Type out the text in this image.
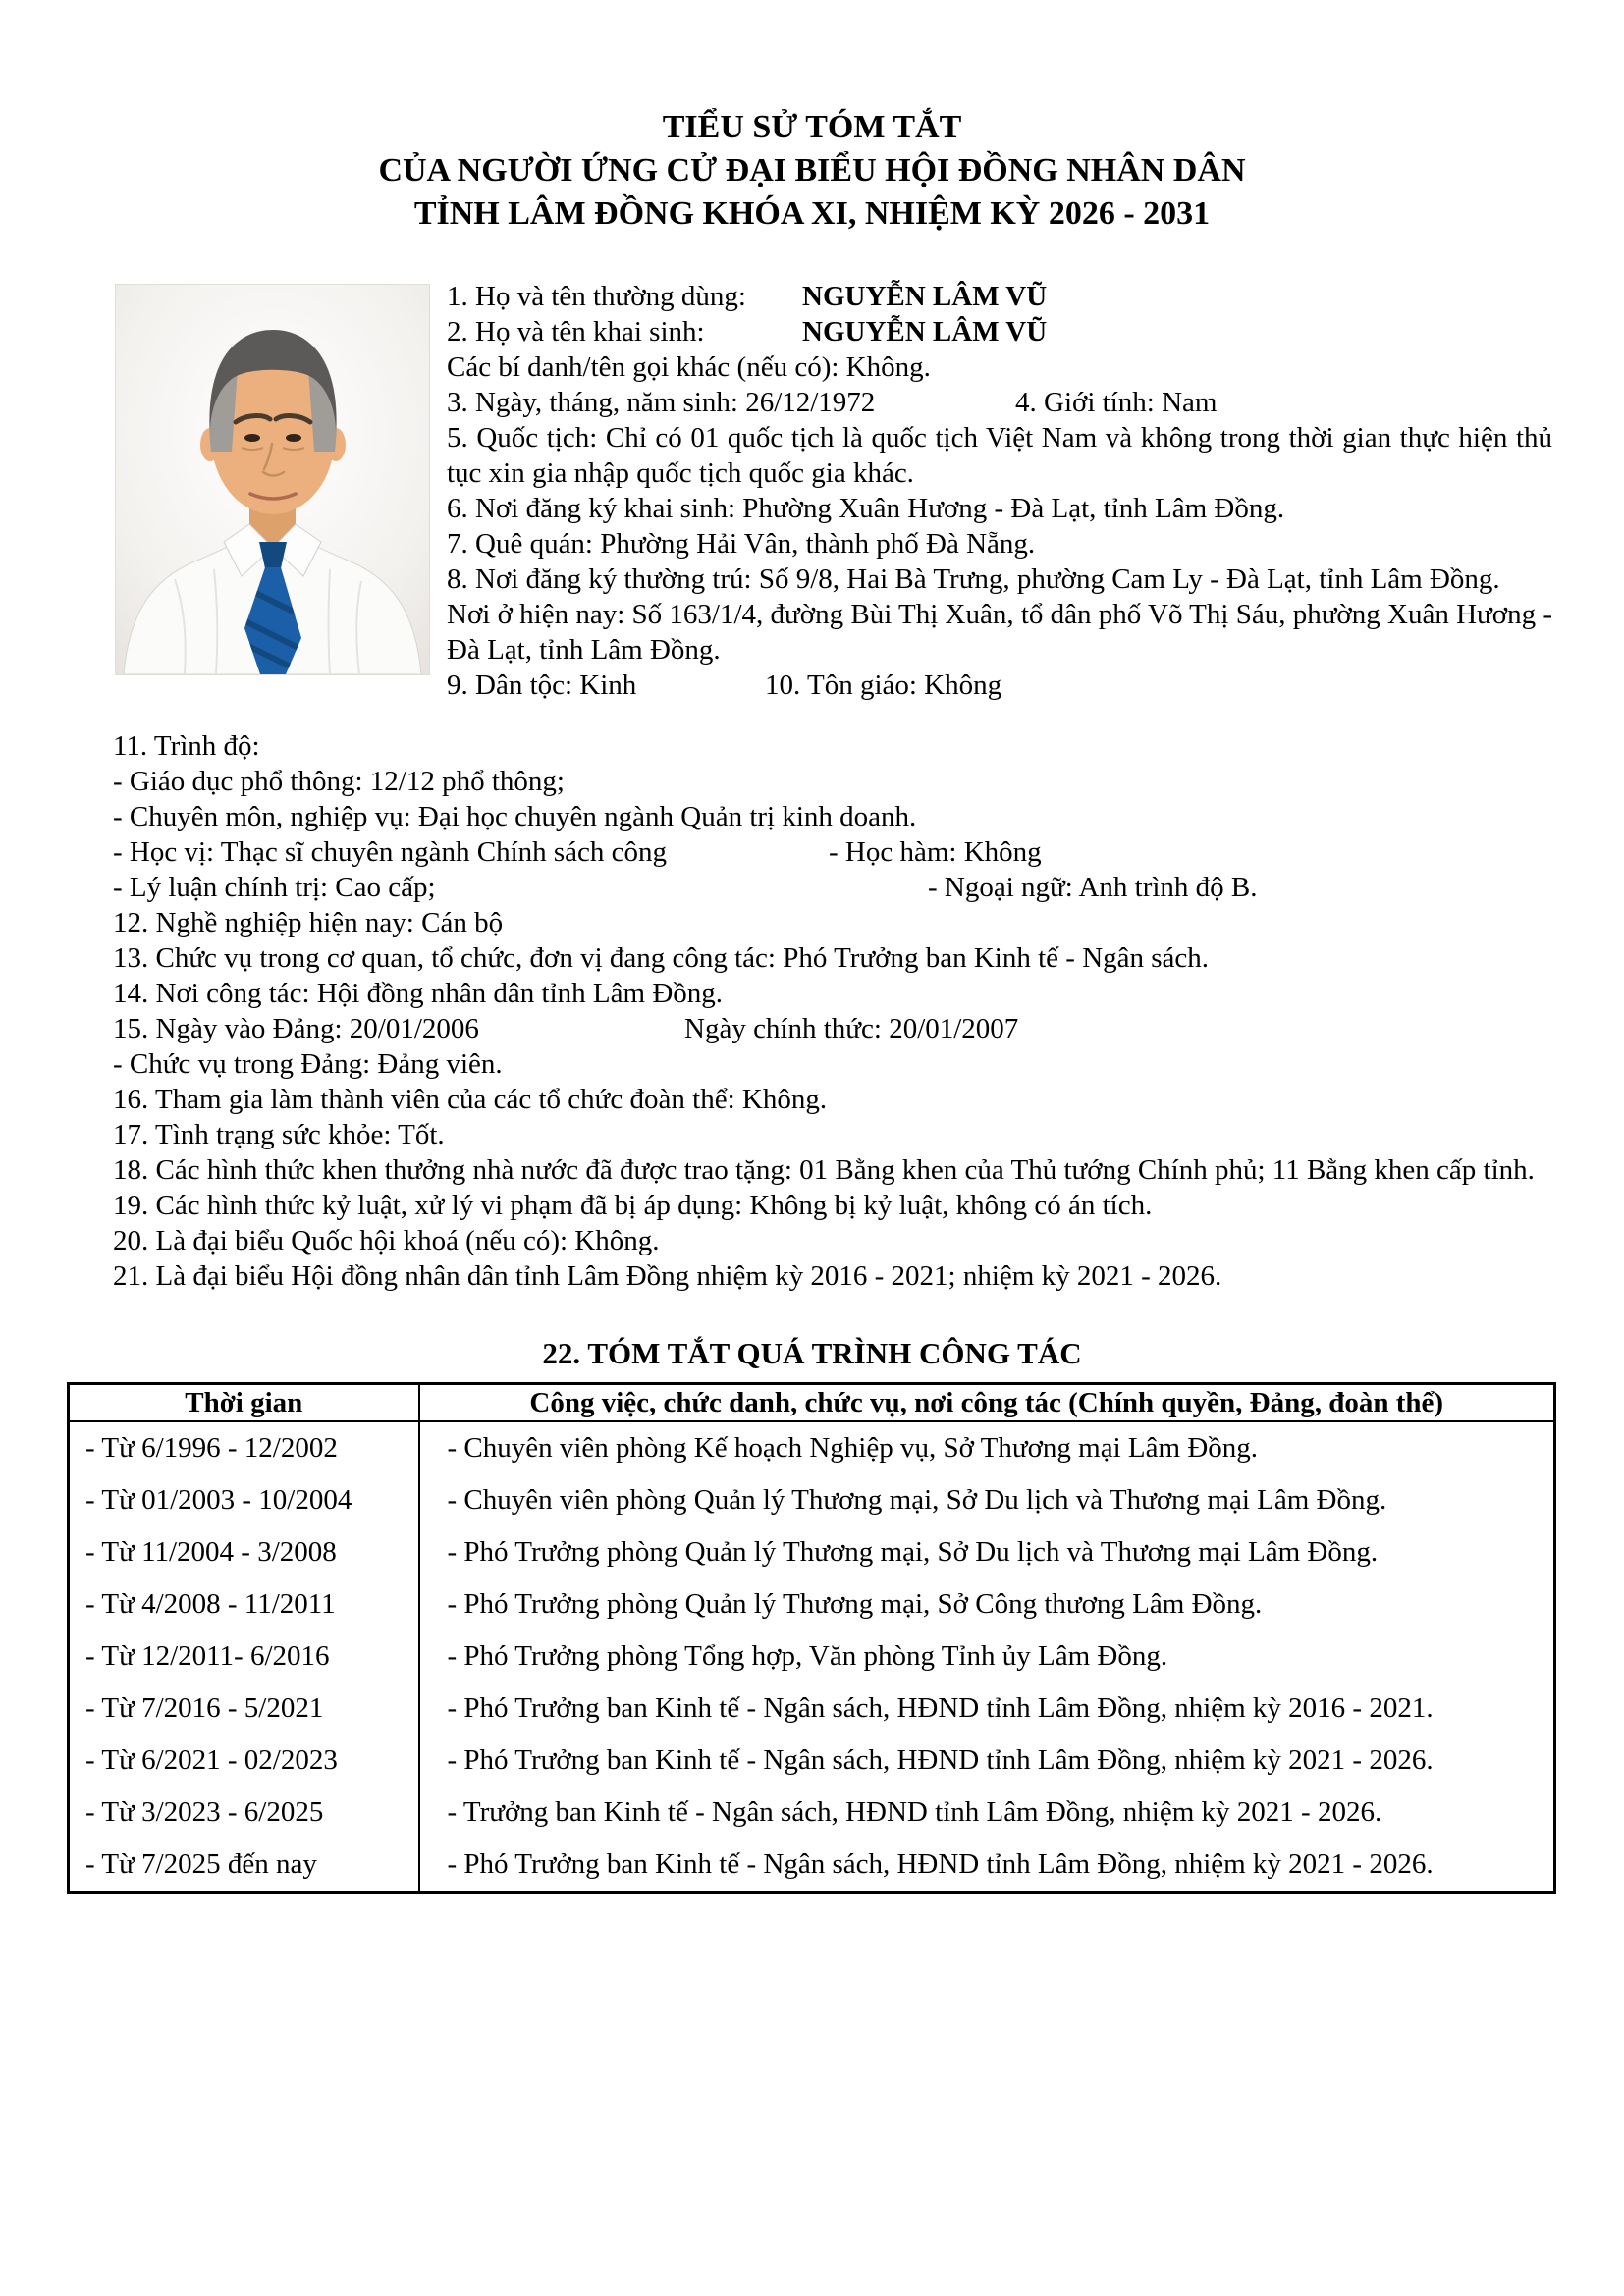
TIỂU SỬ TÓM TẮT
CỦA NGƯỜI ỨNG CỬ ĐẠI BIỂU HỘI ĐỒNG NHÂN DÂN
TỈNH LÂM ĐỒNG KHÓA XI, NHIỆM KỲ 2026 - 2031
1. Họ và tên thường dùng: NGUYỄN LÂM VŨ
2. Họ và tên khai sinh:	NGUYỄN LÂM VŨ
Các bí danh/tên gọi khác (nếu có): Không.
3. Ngày, tháng, năm sinh: 26/12/1972	4. Giới tính: Nam
5. Quốc tịch: Chỉ có 01 quốc tịch là quốc tịch Việt Nam và không trong thời gian thực hiện thủ tục xin gia nhập quốc tịch quốc gia khác.
6. Nơi đăng ký khai sinh: Phường Xuân Hương - Đà Lạt, tỉnh Lâm Đồng.
7. Quê quán: Phường Hải Vân, thành phố Đà Nẵng.
8. Nơi đăng ký thường trú: Số 9/8, Hai Bà Trưng, phường Cam Ly - Đà Lạt, tỉnh Lâm Đồng.
Nơi ở hiện nay: Số 163/1/4, đường Bùi Thị Xuân, tổ dân phố Võ Thị Sáu, phường Xuân Hương - Đà Lạt, tỉnh Lâm Đồng.
9. Dân tộc: Kinh	10. Tôn giáo: Không
11. Trình độ:
- Giáo dục phổ thông: 12/12 phổ thông;
- Chuyên môn, nghiệp vụ: Đại học chuyên ngành Quản trị kinh doanh.
- Học vị: Thạc sĩ chuyên ngành Chính sách công	- Học hàm: Không
- Lý luận chính trị: Cao cấp;	- Ngoại ngữ: Anh trình độ B.
12. Nghề nghiệp hiện nay: Cán bộ
13. Chức vụ trong cơ quan, tổ chức, đơn vị đang công tác: Phó Trưởng ban Kinh tế - Ngân sách.
14. Nơi công tác: Hội đồng nhân dân tỉnh Lâm Đồng.
15. Ngày vào Đảng: 20/01/2006	Ngày chính thức: 20/01/2007
- Chức vụ trong Đảng: Đảng viên.
16. Tham gia làm thành viên của các tổ chức đoàn thể: Không.
17. Tình trạng sức khỏe: Tốt.
18. Các hình thức khen thưởng nhà nước đã được trao tặng: 01 Bằng khen của Thủ tướng Chính phủ; 11 Bằng khen cấp tỉnh.
19. Các hình thức kỷ luật, xử lý vi phạm đã bị áp dụng: Không bị kỷ luật, không có án tích.
20. Là đại biểu Quốc hội khoá (nếu có): Không.
21. Là đại biểu Hội đồng nhân dân tỉnh Lâm Đồng nhiệm kỳ 2016 - 2021; nhiệm kỳ 2021 - 2026.
22. TÓM TẮT QUÁ TRÌNH CÔNG TÁC
Thời gian	Công việc, chức danh, chức vụ, nơi công tác (Chính quyền, Đảng, đoàn thể)
- Từ 6/1996 - 12/2002	- Chuyên viên phòng Kế hoạch Nghiệp vụ, Sở Thương mại Lâm Đồng.
- Từ 01/2003 - 10/2004	- Chuyên viên phòng Quản lý Thương mại, Sở Du lịch và Thương mại Lâm Đồng.
- Từ 11/2004 - 3/2008	- Phó Trưởng phòng Quản lý Thương mại, Sở Du lịch và Thương mại Lâm Đồng.
- Từ 4/2008 - 11/2011	- Phó Trưởng phòng Quản lý Thương mại, Sở Công thương Lâm Đồng.
- Từ 12/2011- 6/2016	- Phó Trưởng phòng Tổng hợp, Văn phòng Tỉnh ủy Lâm Đồng.
- Từ 7/2016 - 5/2021	- Phó Trưởng ban Kinh tế - Ngân sách, HĐND tỉnh Lâm Đồng, nhiệm kỳ 2016 - 2021.
- Từ 6/2021 - 02/2023	- Phó Trưởng ban Kinh tế - Ngân sách, HĐND tỉnh Lâm Đồng, nhiệm kỳ 2021 - 2026.
- Từ 3/2023 - 6/2025	- Trưởng ban Kinh tế - Ngân sách, HĐND tỉnh Lâm Đồng, nhiệm kỳ 2021 - 2026.
- Từ 7/2025 đến nay	- Phó Trưởng ban Kinh tế - Ngân sách, HĐND tỉnh Lâm Đồng, nhiệm kỳ 2021 - 2026.
